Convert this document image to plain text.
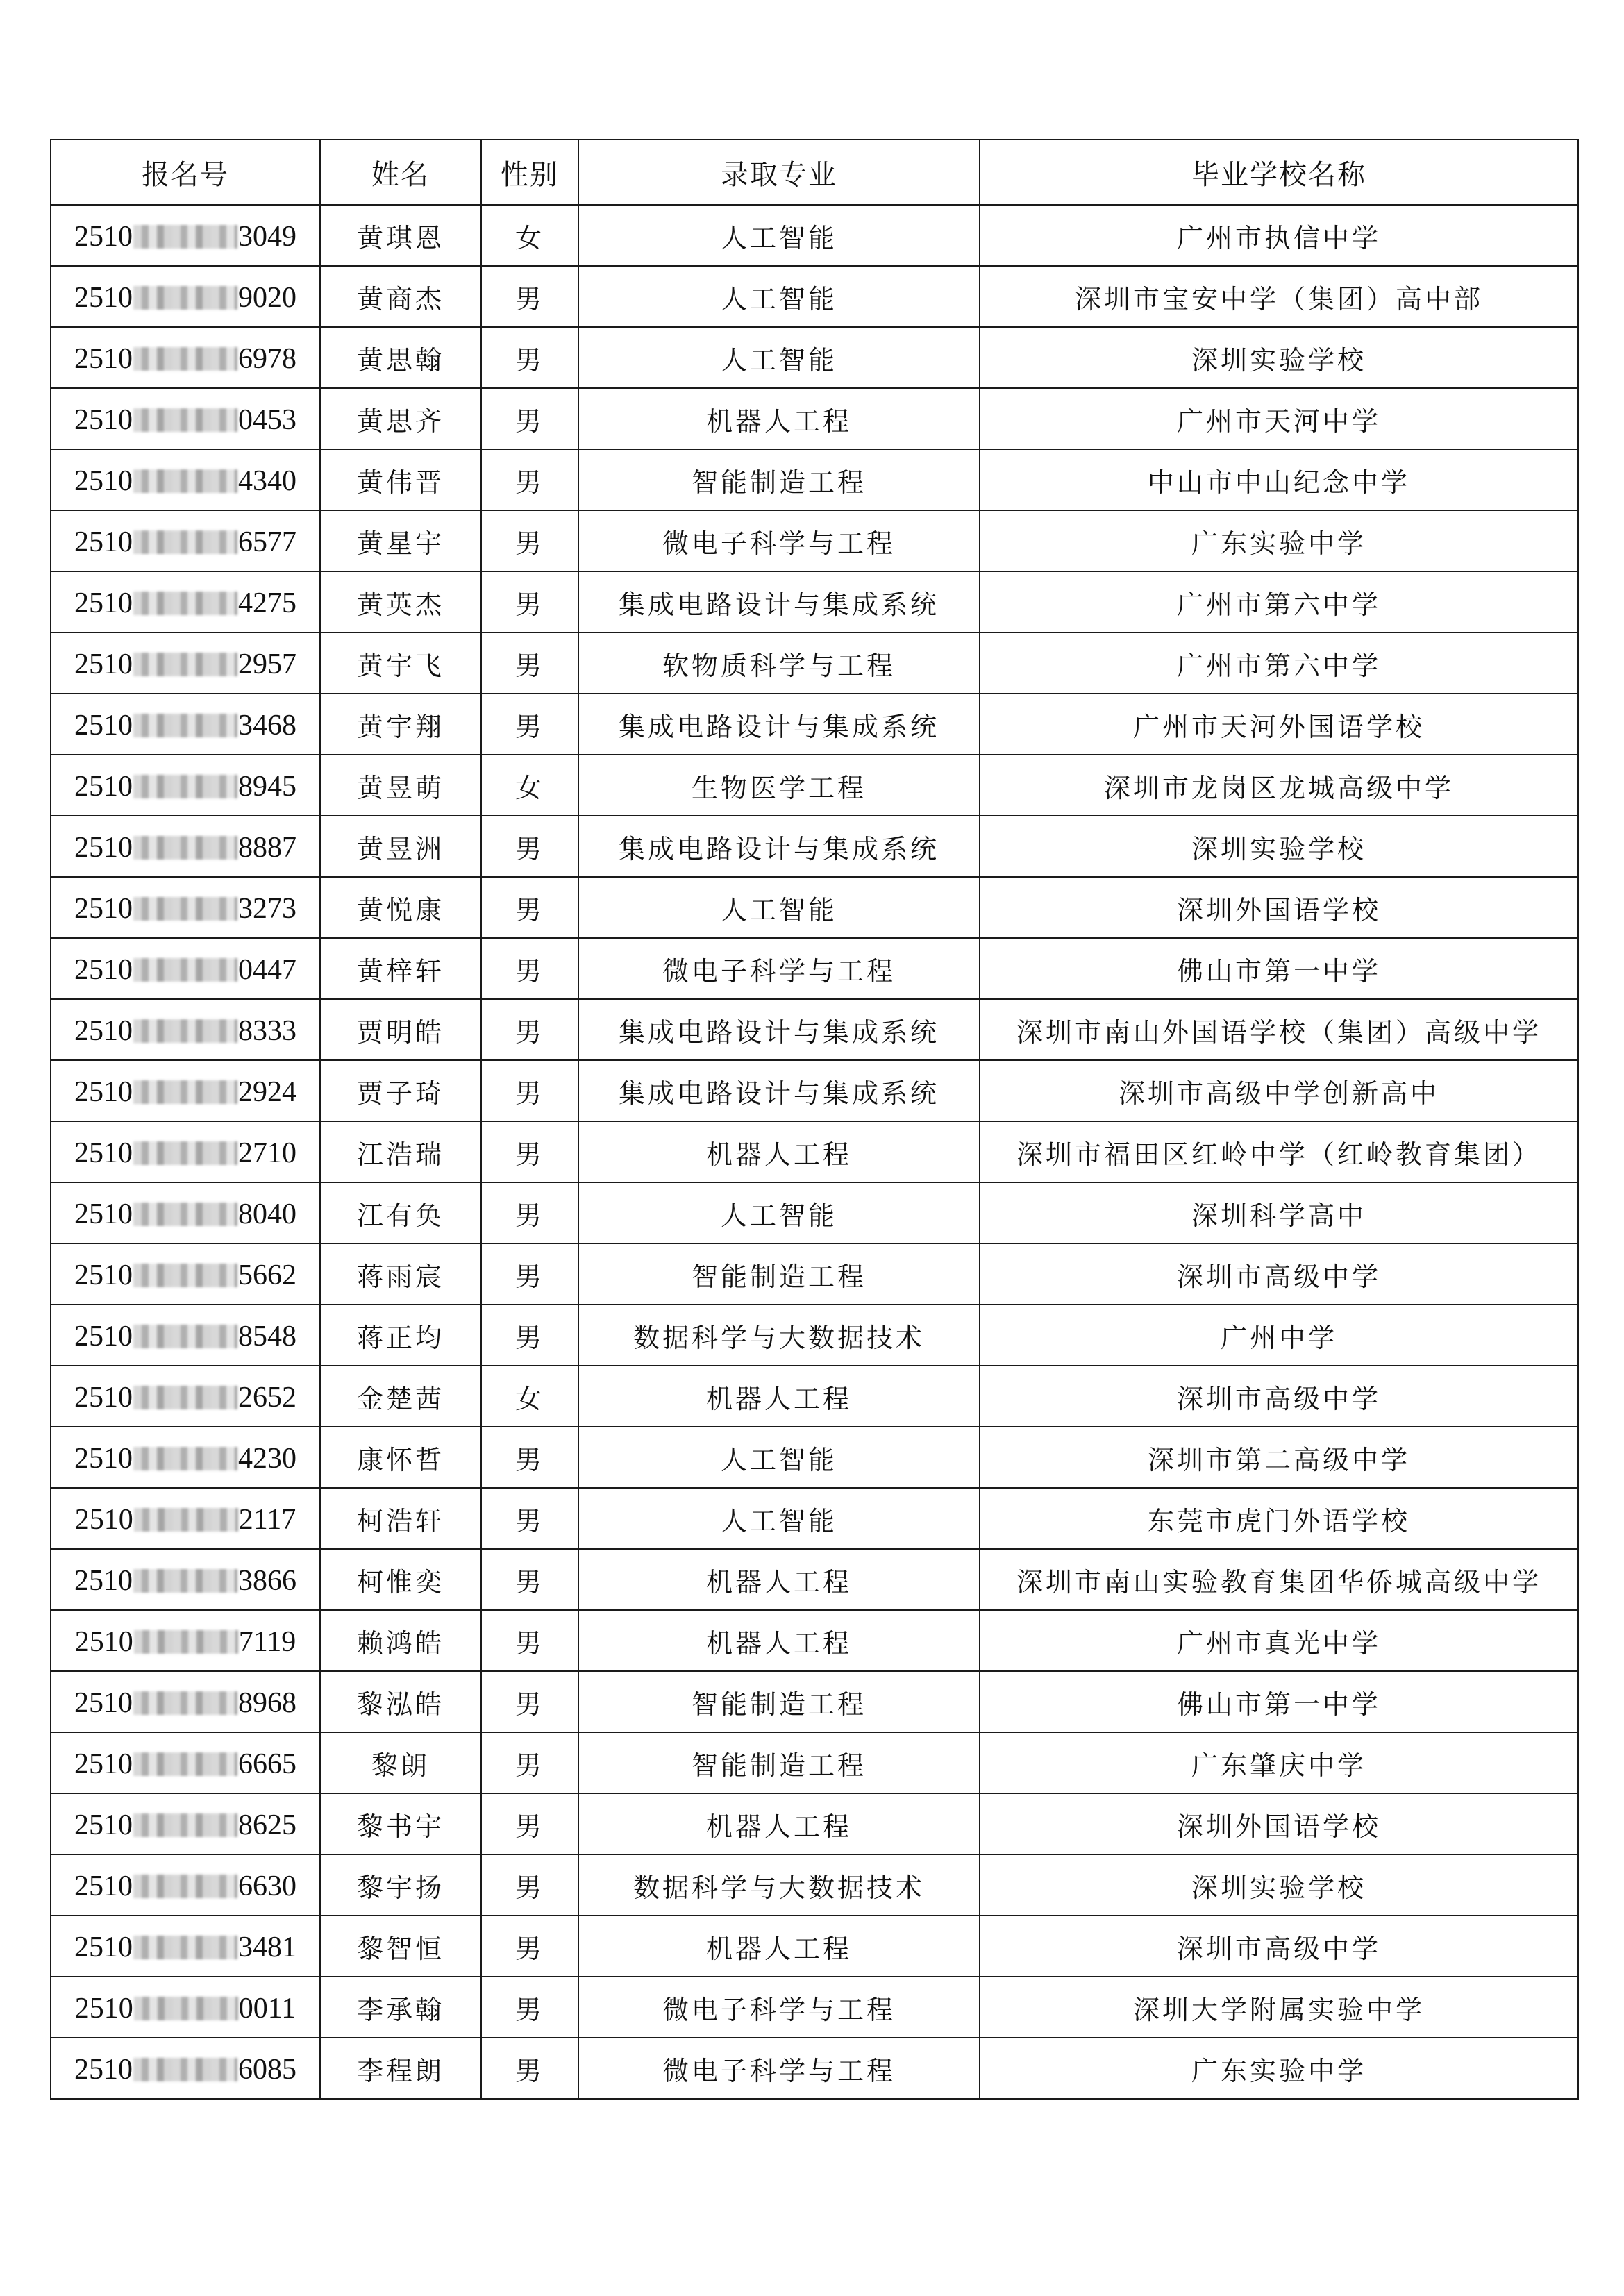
报名号	姓名	性别	录取专业	毕业学校名称
2510 3049	黄琪恩	女	人工智能	广州市执信中学
2510 9020	黄商杰	男	人工智能	深圳市宝安中学（集团）高中部
2510 6978	黄思翰	男	人工智能	深圳实验学校
2510 0453	黄思齐	男	机器人工程	广州市天河中学
2510 4340	黄伟晋	男	智能制造工程	中山市中山纪念中学
2510 6577	黄星宇	男	微电子科学与工程	广东实验中学
2510 4275	黄英杰	男	集成电路设计与集成系统	广州市第六中学
2510 2957	黄宇飞	男	软物质科学与工程	广州市第六中学
2510 3468	黄宇翔	男	集成电路设计与集成系统	广州市天河外国语学校
2510 8945	黄昱萌	女	生物医学工程	深圳市龙岗区龙城高级中学
2510 8887	黄昱洲	男	集成电路设计与集成系统	深圳实验学校
2510 3273	黄悦康	男	人工智能	深圳外国语学校
2510 0447	黄梓轩	男	微电子科学与工程	佛山市第一中学
2510 8333	贾明皓	男	集成电路设计与集成系统	深圳市南山外国语学校（集团）高级中学
2510 2924	贾子琦	男	集成电路设计与集成系统	深圳市高级中学创新高中
2510 2710	江浩瑞	男	机器人工程	深圳市福田区红岭中学（红岭教育集团）
2510 8040	江有奂	男	人工智能	深圳科学高中
2510 5662	蒋雨宸	男	智能制造工程	深圳市高级中学
2510 8548	蒋正均	男	数据科学与大数据技术	广州中学
2510 2652	金楚茜	女	机器人工程	深圳市高级中学
2510 4230	康怀哲	男	人工智能	深圳市第二高级中学
2510 2117	柯浩轩	男	人工智能	东莞市虎门外语学校
2510 3866	柯惟奕	男	机器人工程	深圳市南山实验教育集团华侨城高级中学
2510 7119	赖鸿皓	男	机器人工程	广州市真光中学
2510 8968	黎泓皓	男	智能制造工程	佛山市第一中学
2510 6665	黎朗	男	智能制造工程	广东肇庆中学
2510 8625	黎书宇	男	机器人工程	深圳外国语学校
2510 6630	黎宇扬	男	数据科学与大数据技术	深圳实验学校
2510 3481	黎智恒	男	机器人工程	深圳市高级中学
2510 0011	李承翰	男	微电子科学与工程	深圳大学附属实验中学
2510 6085	李程朗	男	微电子科学与工程	广东实验中学
